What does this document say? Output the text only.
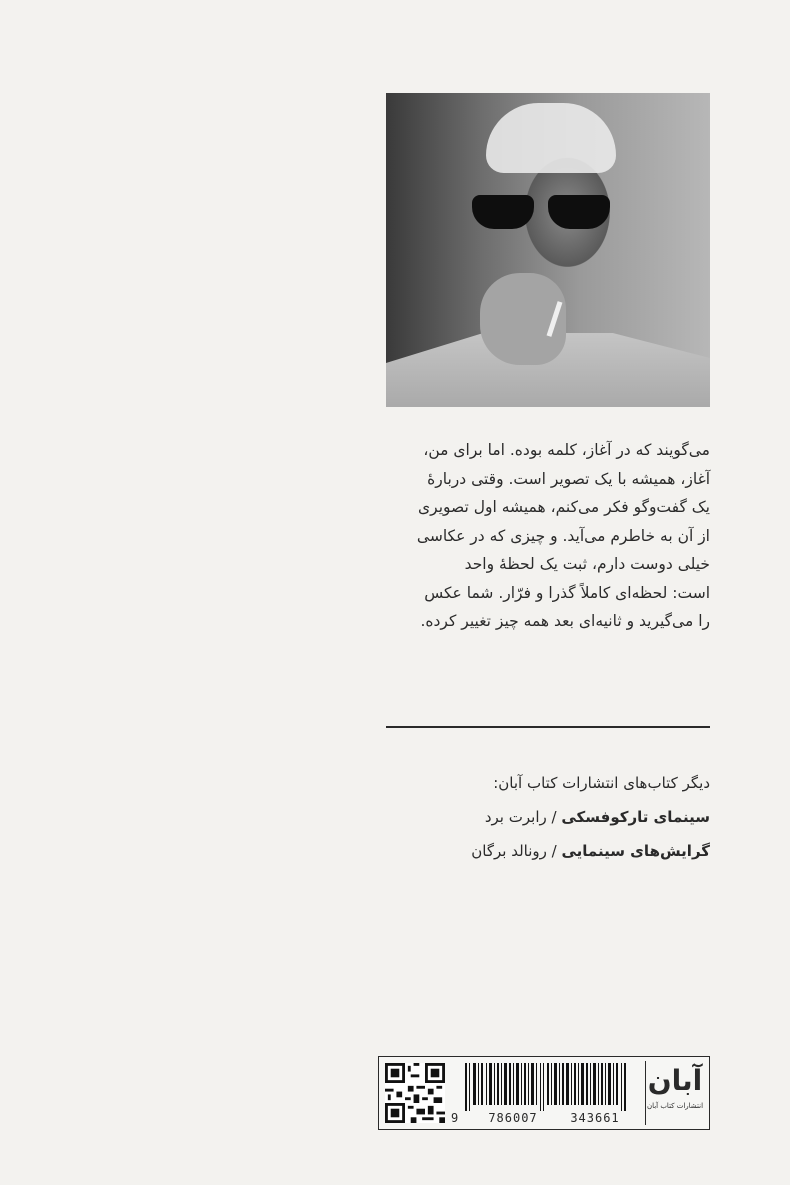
می‌گویند که در آغاز، کلمه بوده. اما برای من،

آغاز، همیشه با یک تصویر است. وقتی دربارهٔ

یک گفت‌وگو فکر می‌کنم، همیشه اول تصویری

از آن به خاطرم می‌آید. و چیزی که در عکاسی

خیلی دوست دارم، ثبت یک لحظهٔ واحد

است: لحظه‌ای کاملاً گذرا و فرّار. شما عکس

را می‌گیرید و ثانیه‌ای بعد همه چیز تغییر کرده.

دیگر کتاب‌های انتشارات کتاب آبان:

سینمای تارکوفسکی / رابرت برد

گرایش‌های سینمایی / رونالد برگان

9	786007	343661
آبان
انتشارات کتاب آبان
